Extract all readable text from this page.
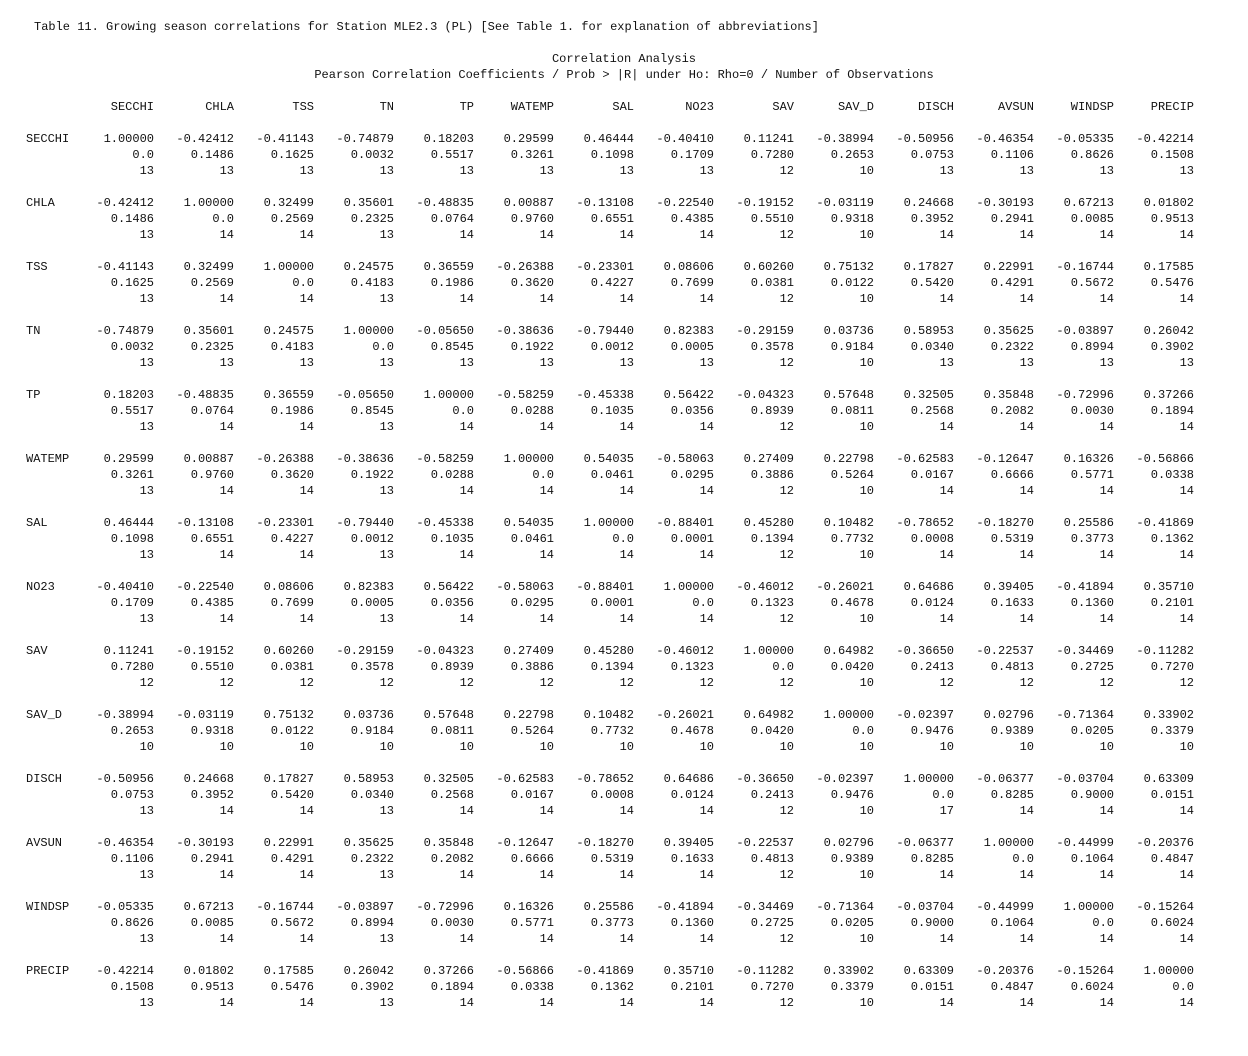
Table 11. Growing season correlations for Station MLE2.3 (PL) [See Table 1. for explanation of abbreviations]
Correlation Analysis
Pearson Correlation Coefficients / Prob > |R| under Ho: Rho=0 / Number of Observations
SECCHI	CHLA	TSS	TN	TP	WATEMP	SAL	NO23	SAV	SAV_D	DISCH	AVSUN	WINDSP	PRECIP
SECCHI	1.00000	-0.42412	-0.41143	-0.74879	0.18203	0.29599	0.46444	-0.40410	0.11241	-0.38994	-0.50956	-0.46354	-0.05335	-0.42214
0.0	0.1486	0.1625	0.0032	0.5517	0.3261	0.1098	0.1709	0.7280	0.2653	0.0753	0.1106	0.8626	0.1508
13	13	13	13	13	13	13	13	12	10	13	13	13	13
CHLA	-0.42412	1.00000	0.32499	0.35601	-0.48835	0.00887	-0.13108	-0.22540	-0.19152	-0.03119	0.24668	-0.30193	0.67213	0.01802
0.1486	0.0	0.2569	0.2325	0.0764	0.9760	0.6551	0.4385	0.5510	0.9318	0.3952	0.2941	0.0085	0.9513
13	14	14	13	14	14	14	14	12	10	14	14	14	14
TSS	-0.41143	0.32499	1.00000	0.24575	0.36559	-0.26388	-0.23301	0.08606	0.60260	0.75132	0.17827	0.22991	-0.16744	0.17585
0.1625	0.2569	0.0	0.4183	0.1986	0.3620	0.4227	0.7699	0.0381	0.0122	0.5420	0.4291	0.5672	0.5476
13	14	14	13	14	14	14	14	12	10	14	14	14	14
TN	-0.74879	0.35601	0.24575	1.00000	-0.05650	-0.38636	-0.79440	0.82383	-0.29159	0.03736	0.58953	0.35625	-0.03897	0.26042
0.0032	0.2325	0.4183	0.0	0.8545	0.1922	0.0012	0.0005	0.3578	0.9184	0.0340	0.2322	0.8994	0.3902
13	13	13	13	13	13	13	13	12	10	13	13	13	13
TP	0.18203	-0.48835	0.36559	-0.05650	1.00000	-0.58259	-0.45338	0.56422	-0.04323	0.57648	0.32505	0.35848	-0.72996	0.37266
0.5517	0.0764	0.1986	0.8545	0.0	0.0288	0.1035	0.0356	0.8939	0.0811	0.2568	0.2082	0.0030	0.1894
13	14	14	13	14	14	14	14	12	10	14	14	14	14
WATEMP	0.29599	0.00887	-0.26388	-0.38636	-0.58259	1.00000	0.54035	-0.58063	0.27409	0.22798	-0.62583	-0.12647	0.16326	-0.56866
0.3261	0.9760	0.3620	0.1922	0.0288	0.0	0.0461	0.0295	0.3886	0.5264	0.0167	0.6666	0.5771	0.0338
13	14	14	13	14	14	14	14	12	10	14	14	14	14
SAL	0.46444	-0.13108	-0.23301	-0.79440	-0.45338	0.54035	1.00000	-0.88401	0.45280	0.10482	-0.78652	-0.18270	0.25586	-0.41869
0.1098	0.6551	0.4227	0.0012	0.1035	0.0461	0.0	0.0001	0.1394	0.7732	0.0008	0.5319	0.3773	0.1362
13	14	14	13	14	14	14	14	12	10	14	14	14	14
NO23	-0.40410	-0.22540	0.08606	0.82383	0.56422	-0.58063	-0.88401	1.00000	-0.46012	-0.26021	0.64686	0.39405	-0.41894	0.35710
0.1709	0.4385	0.7699	0.0005	0.0356	0.0295	0.0001	0.0	0.1323	0.4678	0.0124	0.1633	0.1360	0.2101
13	14	14	13	14	14	14	14	12	10	14	14	14	14
SAV	0.11241	-0.19152	0.60260	-0.29159	-0.04323	0.27409	0.45280	-0.46012	1.00000	0.64982	-0.36650	-0.22537	-0.34469	-0.11282
0.7280	0.5510	0.0381	0.3578	0.8939	0.3886	0.1394	0.1323	0.0	0.0420	0.2413	0.4813	0.2725	0.7270
12	12	12	12	12	12	12	12	12	10	12	12	12	12
SAV_D	-0.38994	-0.03119	0.75132	0.03736	0.57648	0.22798	0.10482	-0.26021	0.64982	1.00000	-0.02397	0.02796	-0.71364	0.33902
0.2653	0.9318	0.0122	0.9184	0.0811	0.5264	0.7732	0.4678	0.0420	0.0	0.9476	0.9389	0.0205	0.3379
10	10	10	10	10	10	10	10	10	10	10	10	10	10
DISCH	-0.50956	0.24668	0.17827	0.58953	0.32505	-0.62583	-0.78652	0.64686	-0.36650	-0.02397	1.00000	-0.06377	-0.03704	0.63309
0.0753	0.3952	0.5420	0.0340	0.2568	0.0167	0.0008	0.0124	0.2413	0.9476	0.0	0.8285	0.9000	0.0151
13	14	14	13	14	14	14	14	12	10	17	14	14	14
AVSUN	-0.46354	-0.30193	0.22991	0.35625	0.35848	-0.12647	-0.18270	0.39405	-0.22537	0.02796	-0.06377	1.00000	-0.44999	-0.20376
0.1106	0.2941	0.4291	0.2322	0.2082	0.6666	0.5319	0.1633	0.4813	0.9389	0.8285	0.0	0.1064	0.4847
13	14	14	13	14	14	14	14	12	10	14	14	14	14
WINDSP	-0.05335	0.67213	-0.16744	-0.03897	-0.72996	0.16326	0.25586	-0.41894	-0.34469	-0.71364	-0.03704	-0.44999	1.00000	-0.15264
0.8626	0.0085	0.5672	0.8994	0.0030	0.5771	0.3773	0.1360	0.2725	0.0205	0.9000	0.1064	0.0	0.6024
13	14	14	13	14	14	14	14	12	10	14	14	14	14
PRECIP	-0.42214	0.01802	0.17585	0.26042	0.37266	-0.56866	-0.41869	0.35710	-0.11282	0.33902	0.63309	-0.20376	-0.15264	1.00000
0.1508	0.9513	0.5476	0.3902	0.1894	0.0338	0.1362	0.2101	0.7270	0.3379	0.0151	0.4847	0.6024	0.0
13	14	14	13	14	14	14	14	12	10	14	14	14	14
